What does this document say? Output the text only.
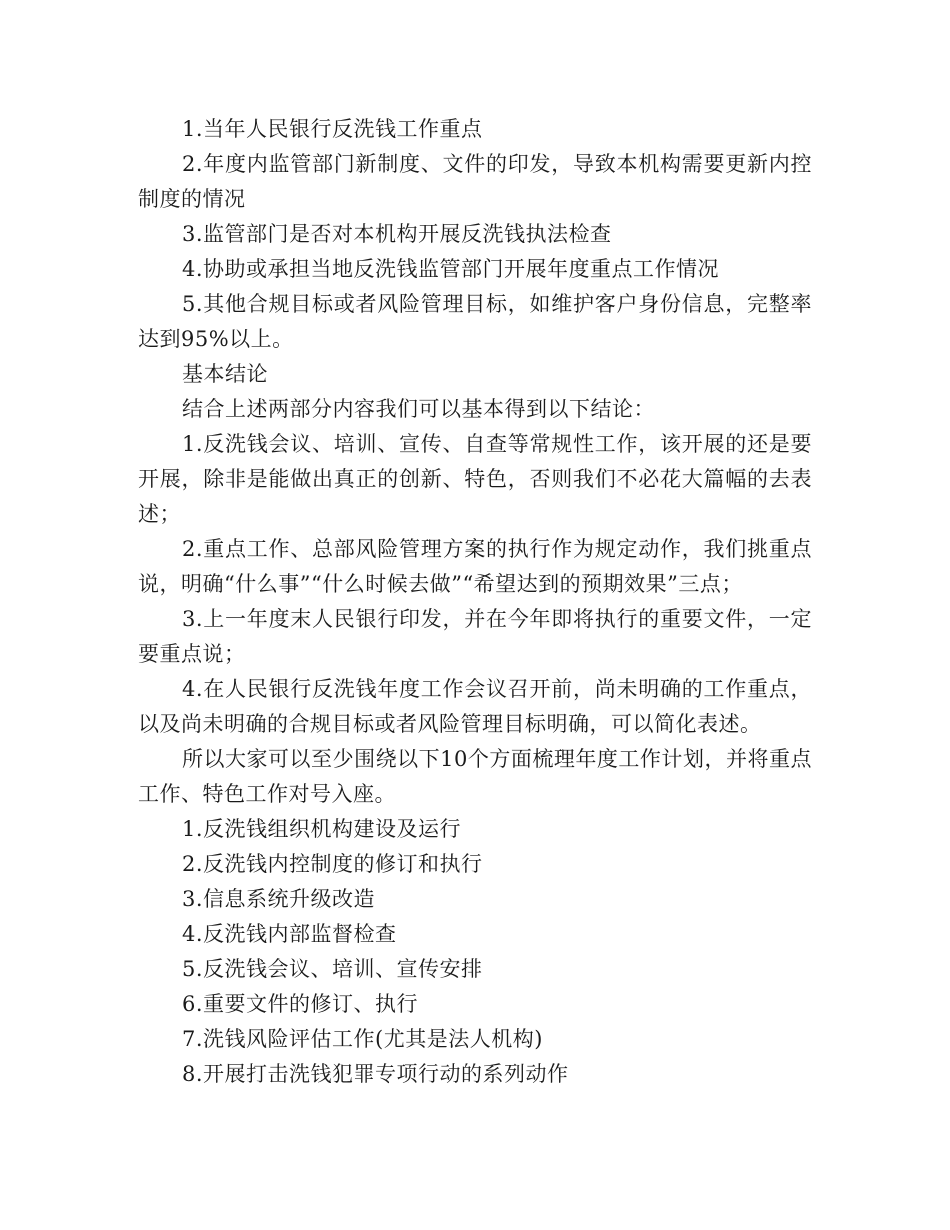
1.当年人民银行反洗钱工作重点

2.年度内监管部门新制度、文件的印发，导致本机构需要更新内控制度的情况

3.监管部门是否对本机构开展反洗钱执法检查

4.协助或承担当地反洗钱监管部门开展年度重点工作情况

5.其他合规目标或者风险管理目标，如维护客户身份信息，完整率达到95%以上。

基本结论

结合上述两部分内容我们可以基本得到以下结论：

1.反洗钱会议、培训、宣传、自查等常规性工作，该开展的还是要开展，除非是能做出真正的创新、特色，否则我们不必花大篇幅的去表述；

2.重点工作、总部风险管理方案的执行作为规定动作，我们挑重点说，明确“什么事”“什么时候去做”“希望达到的预期效果”三点；

3.上一年度末人民银行印发，并在今年即将执行的重要文件，一定要重点说；

4.在人民银行反洗钱年度工作会议召开前，尚未明确的工作重点，以及尚未明确的合规目标或者风险管理目标明确，可以简化表述。

所以大家可以至少围绕以下10个方面梳理年度工作计划，并将重点工作、特色工作对号入座。

1.反洗钱组织机构建设及运行

2.反洗钱内控制度的修订和执行

3.信息系统升级改造

4.反洗钱内部监督检查

5.反洗钱会议、培训、宣传安排

6.重要文件的修订、执行

7.洗钱风险评估工作(尤其是法人机构)

8.开展打击洗钱犯罪专项行动的系列动作
